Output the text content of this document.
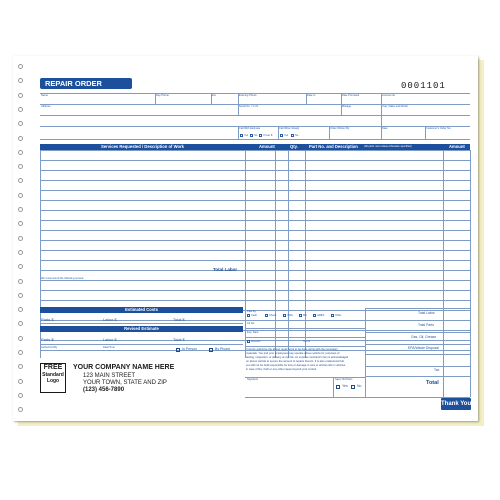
REPAIR ORDER	0001101
Name	Day Phone	Ext	Evening Phone	Date In	Date Promised	License No.
Address	Serial No. / V.I.N.	Mileage	Year, Make and Model
Call With Estimate
Yes No If over $
Call When Ready
Yes	No
Order Written By	Date	Customer's Order No.
Services Requested / Description of Work	Amount	Qty.	Part No. and Description (All parts new unless otherwise specified)	Amount
Total Labor
We recommend the following service:
Estimated Costs
Parts $	Labor $	Total $
Revised Estimate
Parts $	Labor $	Total $
Authorized By	Date/Time	In Person	By Phone
Paid By
Cash	Check	VISA	MC	AMEX	Other
Ck No.
Exp. Date
Account	Terms
I hereby authorize the above repair work to be done along with the necessary
materials. You and your employees may operate above vehicle for purposes of
testing, inspection, or delivery at my risk. An express mechanic's lien is acknowledged
on above vehicle to secure the amount of repairs thereto. It is also understood that
you will not be held responsible for loss or damage to cars or articles left in vehicles
in case of fire, theft or any other cause beyond your control.
Signature	Save Old Parts
Yes	No
Total Labor
Total Parts
Gas, Oil, Grease
EPA/Waste Disposal
Tax
Total
FREE
Standard
Logo
YOUR COMPANY NAME HERE
123 MAIN STREET
YOUR TOWN, STATE AND ZIP
(123) 456-7890
Thank You
